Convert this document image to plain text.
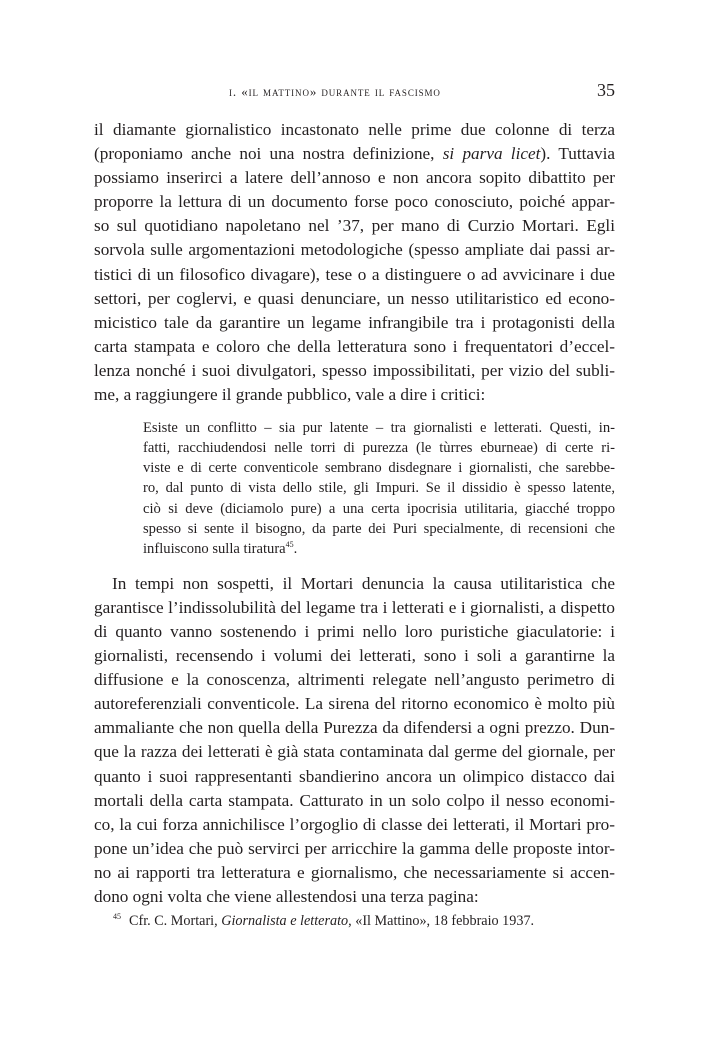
i. «il mattino» durante il fascismo	35
il diamante giornalistico incastonato nelle prime due colonne di terza
(proponiamo anche noi una nostra definizione, si parva licet). Tuttavia
possiamo inserirci a latere dell’annoso e non ancora sopito dibattito per
proporre la lettura di un documento forse poco conosciuto, poiché appar-
so sul quotidiano napoletano nel ’37, per mano di Curzio Mortari. Egli
sorvola sulle argomentazioni metodologiche (spesso ampliate dai passi ar-
tistici di un filosofico divagare), tese o a distinguere o ad avvicinare i due
settori, per coglervi, e quasi denunciare, un nesso utilitaristico ed econo-
micistico tale da garantire un legame infrangibile tra i protagonisti della
carta stampata e coloro che della letteratura sono i frequentatori d’eccel-
lenza nonché i suoi divulgatori, spesso impossibilitati, per vizio del subli-
me, a raggiungere il grande pubblico, vale a dire i critici:
Esiste un conflitto – sia pur latente – tra giornalisti e letterati. Questi, in-
fatti, racchiudendosi nelle torri di purezza (le tùrres eburneae) di certe ri-
viste e di certe conventicole sembrano disdegnare i giornalisti, che sarebbe-
ro, dal punto di vista dello stile, gli Impuri. Se il dissidio è spesso latente,
ciò si deve (diciamolo pure) a una certa ipocrisia utilitaria, giacché troppo
spesso si sente il bisogno, da parte dei Puri specialmente, di recensioni che
influiscono sulla tiratura$^{45}$.
In tempi non sospetti, il Mortari denuncia la causa utilitaristica che
garantisce l’indissolubilità del legame tra i letterati e i giornalisti, a dispetto
di quanto vanno sostenendo i primi nello loro puristiche giaculatorie: i
giornalisti, recensendo i volumi dei letterati, sono i soli a garantirne la
diffusione e la conoscenza, altrimenti relegate nell’angusto perimetro di
autoreferenziali conventicole. La sirena del ritorno economico è molto più
ammaliante che non quella della Purezza da difendersi a ogni prezzo. Dun-
que la razza dei letterati è già stata contaminata dal germe del giornale, per
quanto i suoi rappresentanti sbandierino ancora un olimpico distacco dai
mortali della carta stampata. Catturato in un solo colpo il nesso economi-
co, la cui forza annichilisce l’orgoglio di classe dei letterati, il Mortari pro-
pone un’idea che può servirci per arricchire la gamma delle proposte intor-
no ai rapporti tra letteratura e giornalismo, che necessariamente si accen-
dono ogni volta che viene allestendosi una terza pagina:
$^{45}$ Cfr. C. Mortari, Giornalista e letterato, «Il Mattino», 18 febbraio 1937.
